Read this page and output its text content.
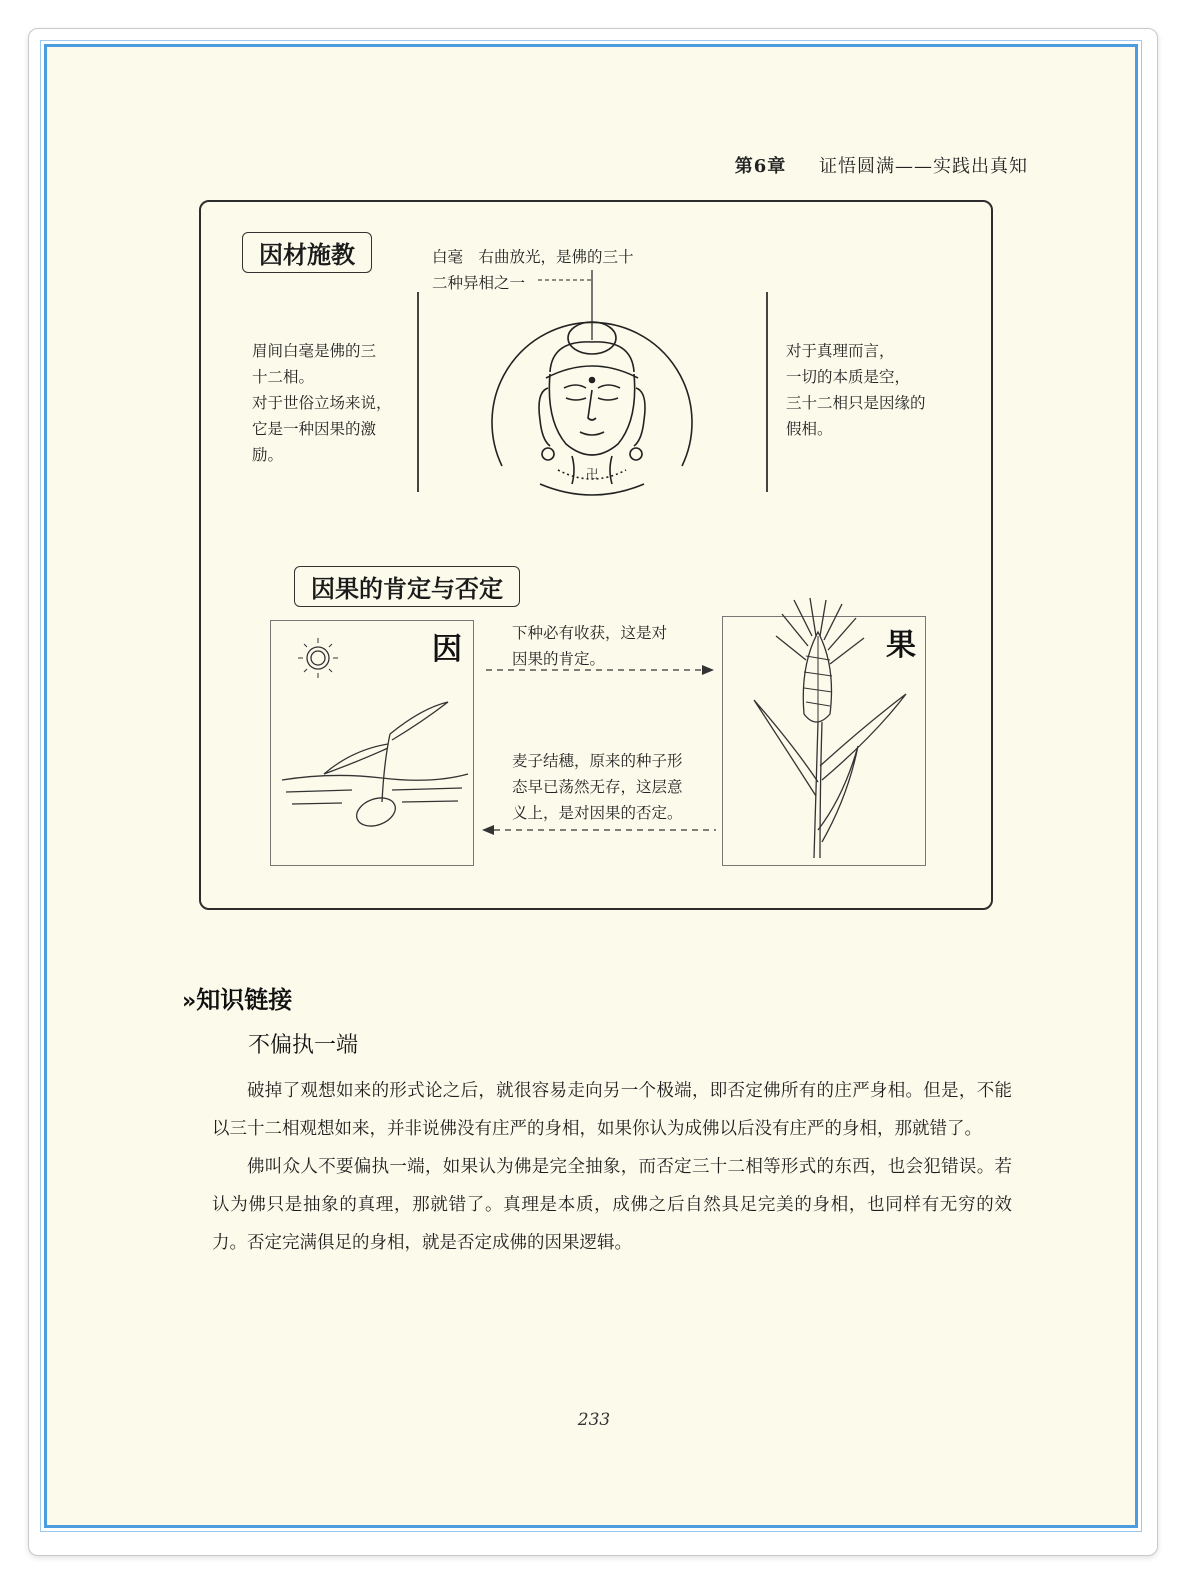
第6章 证悟圆满——实践出真知
因材施教	白毫　右曲放光，是佛的三十
二种异相之一
眉间白毫是佛的三
十二相。
对于世俗立场来说，
它是一种因果的激
励。
对于真理而言，
一切的本质是空，
三十二相只是因缘的
假相。
卍
因果的肯定与否定
因	下种必有收获，这是对
因果的肯定。
麦子结穗，原来的种子形
态早已荡然无存，这层意
义上，是对因果的否定。
果
»知识链接
不偏执一端

破掉了观想如来的形式论之后，就很容易走向另一个极端，即否定佛所有的庄严身相。但是，不能以三十二相观想如来，并非说佛没有庄严的身相，如果你认为成佛以后没有庄严的身相，那就错了。

佛叫众人不要偏执一端，如果认为佛是完全抽象，而否定三十二相等形式的东西，也会犯错误。若认为佛只是抽象的真理，那就错了。真理是本质，成佛之后自然具足完美的身相，也同样有无穷的效力。否定完满俱足的身相，就是否定成佛的因果逻辑。

233
